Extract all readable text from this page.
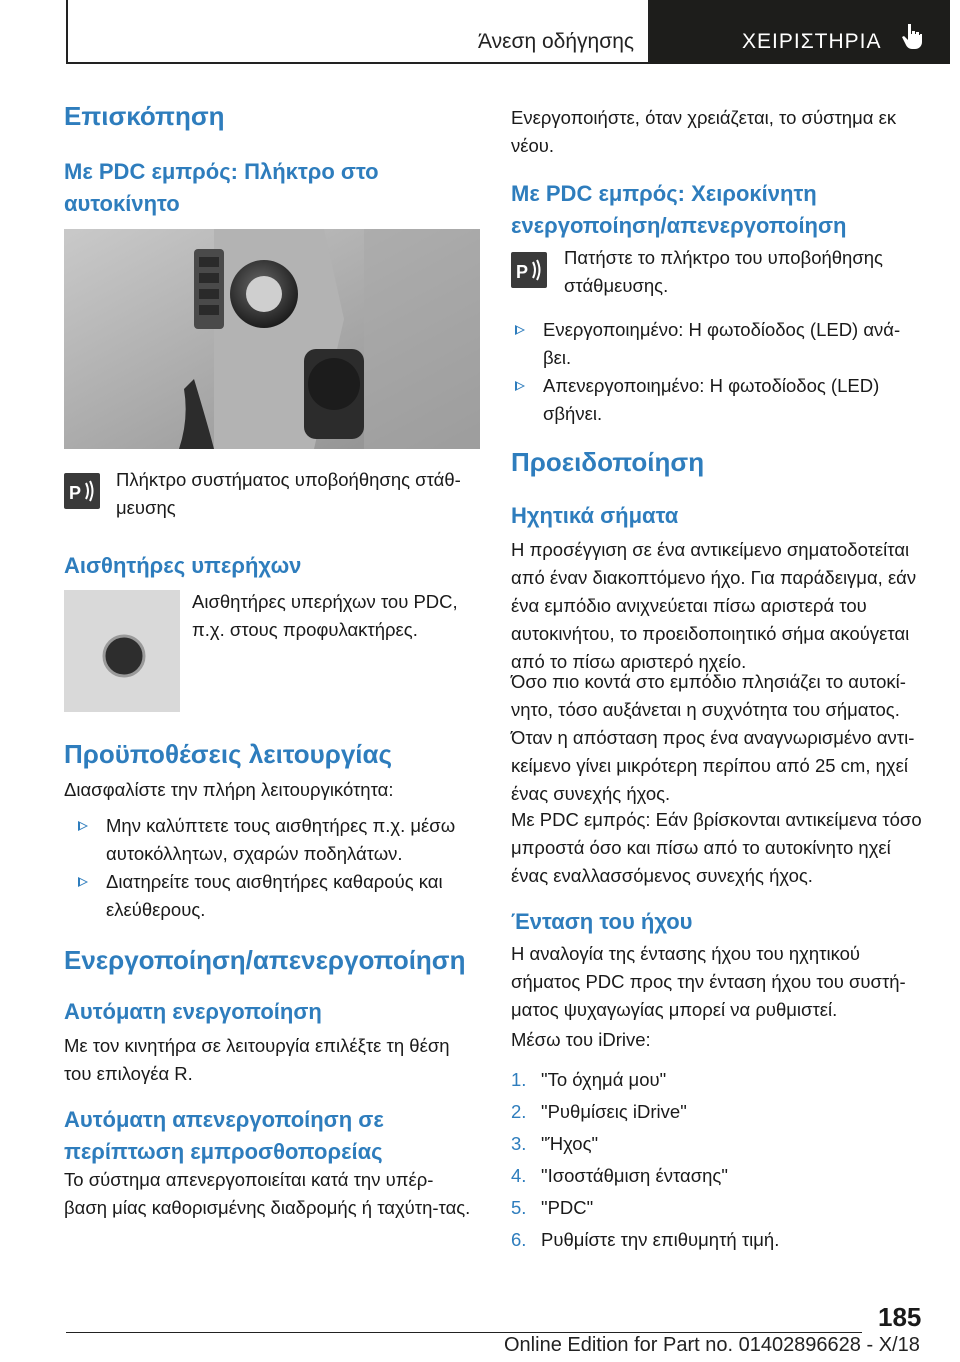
Άνεση οδήγησης	ΧΕΙΡΙΣΤΗΡΙΑ
Επισκόπηση
Με PDC εμπρός: Πλήκτρο στο αυτοκίνητο
P
Πλήκτρο συστήματος υποβοήθησης στάθ-μευσης
Αισθητήρες υπερήχων
Αισθητήρες υπερήχων του PDC, π.χ. στους προφυλακτήρες.
Προϋποθέσεις λειτουργίας
Διασφαλίστε την πλήρη λειτουργικότητα:
Μην καλύπτετε τους αισθητήρες π.χ. μέσω αυτοκόλλητων, σχαρών ποδηλάτων.
Διατηρείτε τους αισθητήρες καθαρούς και ελεύθερους.
Ενεργοποίηση/απενεργοποίηση
Αυτόματη ενεργοποίηση
Με τον κινητήρα σε λειτουργία επιλέξτε τη θέση του επιλογέα R.
Αυτόματη απενεργοποίηση σε περίπτωση εμπροσθοπορείας
Το σύστημα απενεργοποιείται κατά την υπέρ-βαση μίας καθορισμένης διαδρομής ή ταχύτη-τας.
Ενεργοποιήστε, όταν χρειάζεται, το σύστημα εκ νέου.
Με PDC εμπρός: Χειροκίνητη ενεργοποίηση/απενεργοποίηση
P
Πατήστε το πλήκτρο του υποβοήθησης στάθμευσης.
Ενεργοποιημένο: Η φωτοδίοδος (LED) ανά-βει.
Απενεργοποιημένο: Η φωτοδίοδος (LED) σβήνει.
Προειδοποίηση
Ηχητικά σήματα
Η προσέγγιση σε ένα αντικείμενο σηματοδοτείται από έναν διακοπτόμενο ήχο. Για παράδειγμα, εάν ένα εμπόδιο ανιχνεύεται πίσω αριστερά του αυτοκινήτου, το προειδοποιητικό σήμα ακούγεται από το πίσω αριστερό ηχείο.
Όσο πιο κοντά στο εμπόδιο πλησιάζει το αυτοκί-νητο, τόσο αυξάνεται η συχνότητα του σήματος.
Όταν η απόσταση προς ένα αναγνωρισμένο αντι-κείμενο γίνει μικρότερη περίπου από 25 cm, ηχεί ένας συνεχής ήχος.
Με PDC εμπρός: Εάν βρίσκονται αντικείμενα τόσο μπροστά όσο και πίσω από το αυτοκίνητο ηχεί ένας εναλλασσόμενος συνεχής ήχος.
Ένταση του ήχου
Η αναλογία της έντασης ήχου του ηχητικού σήματος PDC προς την ένταση ήχου του συστή-ματος ψυχαγωγίας μπορεί να ρυθμιστεί.
Μέσω του iDrive:
1. "Το όχημά μου"
2. "Ρυθμίσεις iDrive"
3. "Ήχος"
4. "Ισοστάθμιση έντασης"
5. "PDC"
6. Ρυθμίστε την επιθυμητή τιμή.
185
Online Edition for Part no. 01402896628 - X/18
